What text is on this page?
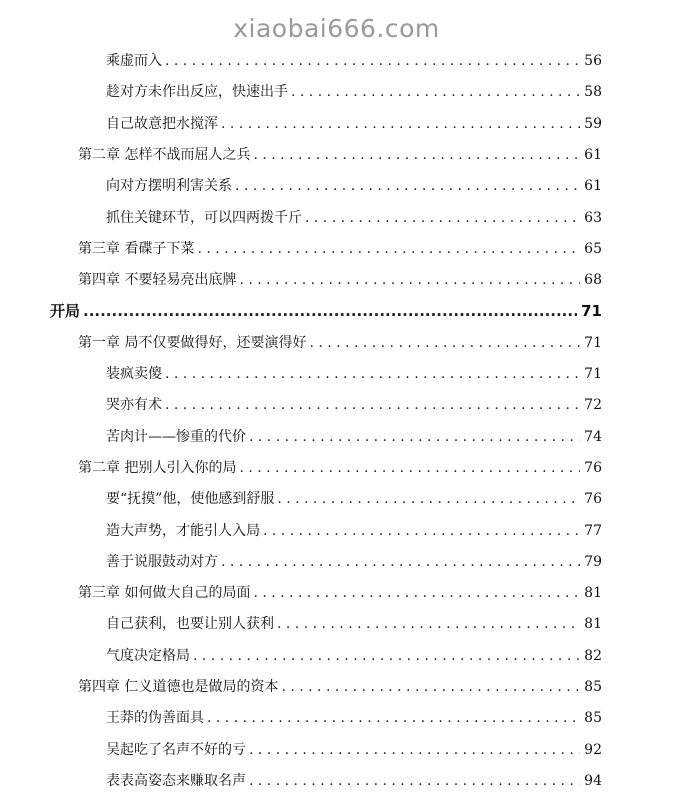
xiaobai666.com
乘虚而入 . . .	56
趁对方未作出反应，快速出手 . . .	58
自己故意把水搅浑 . . .	59
第二章 怎样不战而屈人之兵 . . .	61
向对方摆明利害关系 . . .	61
抓住关键环节，可以四两拨千斤 . . .	63
第三章 看碟子下菜 . . .	65
第四章 不要轻易亮出底牌 . . .	68
开局 .....	71
第一章 局不仅要做得好，还要演得好 . . .	71
装疯卖傻 . . .	71
哭亦有术 . . .	72
苦肉计——惨重的代价 . . .	74
第二章 把别人引入你的局 . . .	76
要“抚摸”他，使他感到舒服 . . .	76
造大声势，才能引人入局 . . .	77
善于说服鼓动对方 . . .	79
第三章 如何做大自己的局面 . . .	81
自己获利，也要让别人获利 . . .	81
气度决定格局 . . .	82
第四章 仁义道德也是做局的资本 . . .	85
王莽的伪善面具 . . .	85
吴起吃了名声不好的亏 . . .	92
表表高姿态来赚取名声 . . .	94
